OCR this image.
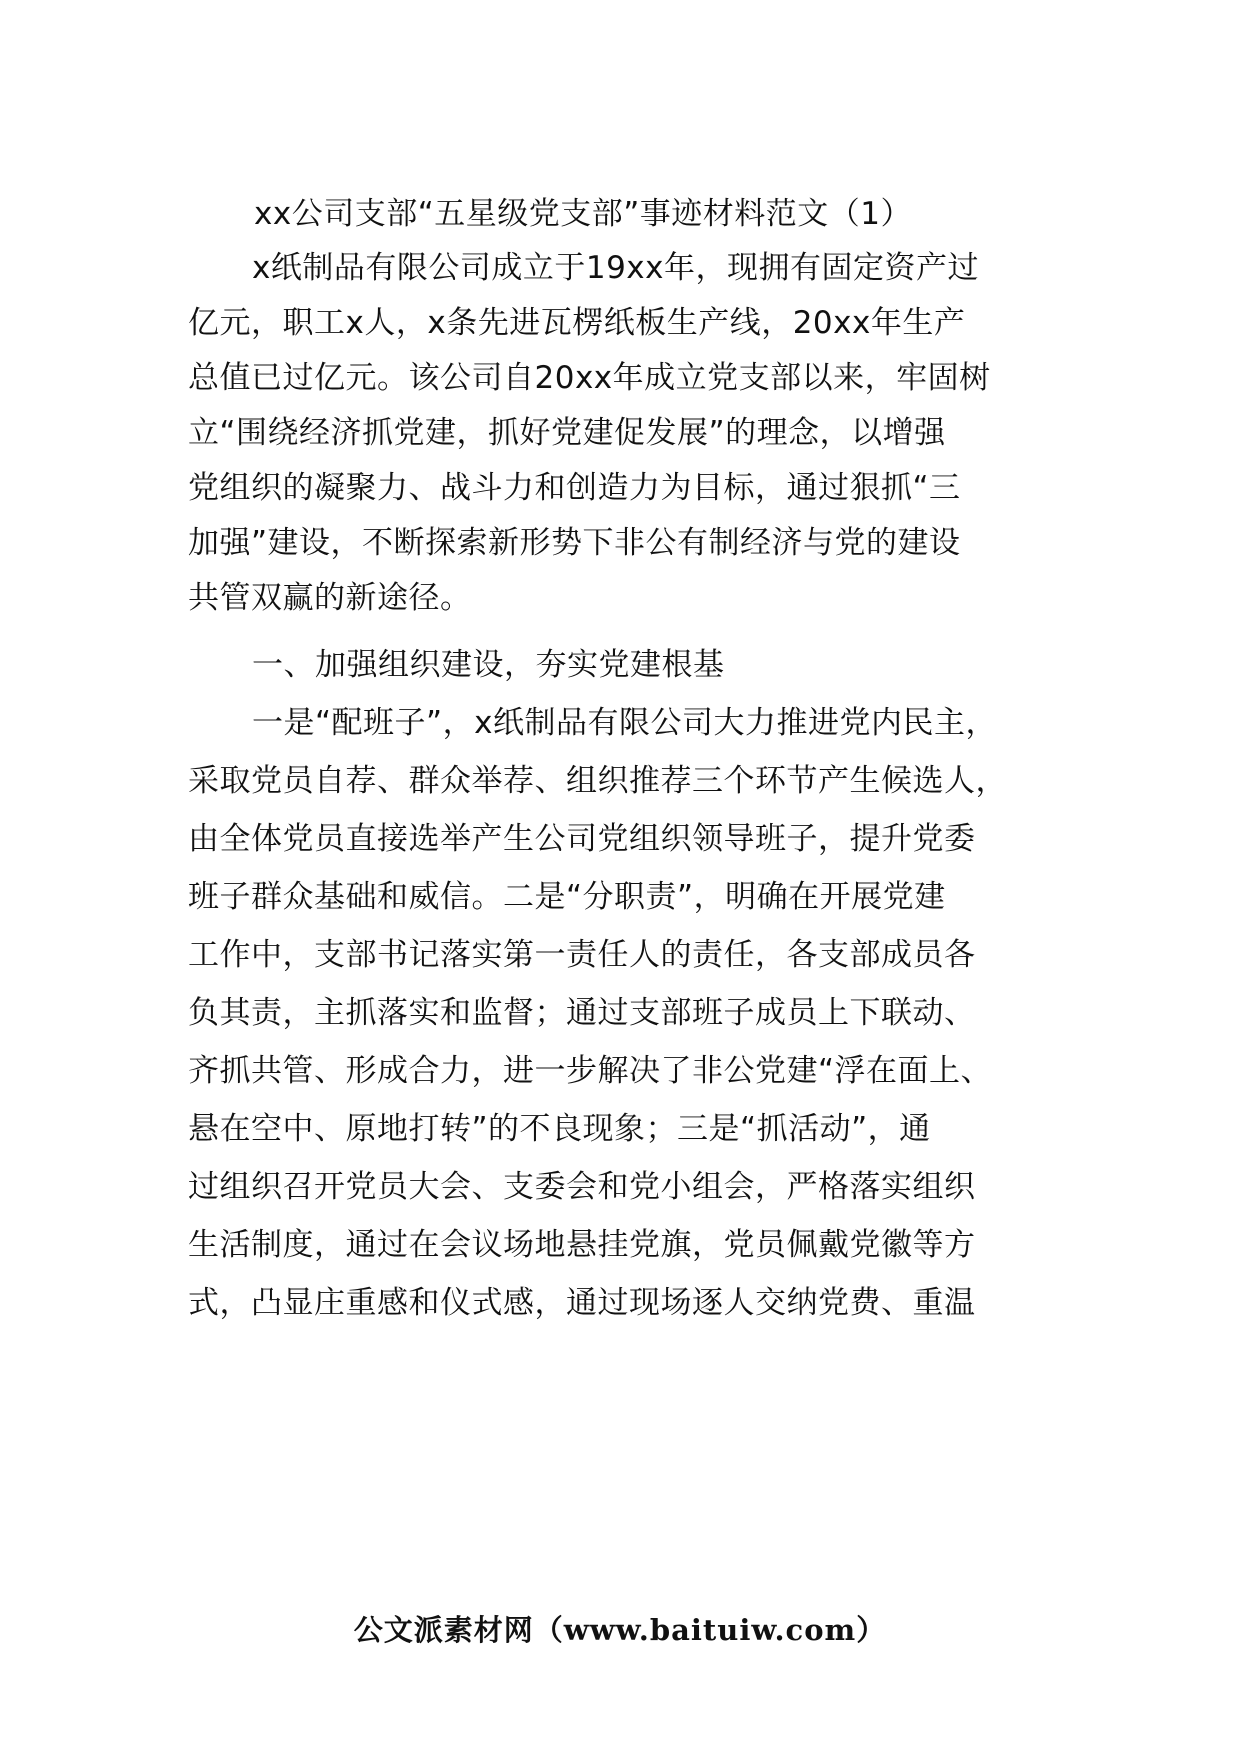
xx公司支部“五星级党支部”事迹材料范文（1）
x纸制品有限公司成立于19xx年，现拥有固定资产过
亿元，职工x人，x条先进瓦楞纸板生产线，20xx年生产
总值已过亿元。该公司自20xx年成立党支部以来，牢固树
立“围绕经济抓党建，抓好党建促发展”的理念，以增强
党组织的凝聚力、战斗力和创造力为目标，通过狠抓“三
加强”建设，不断探索新形势下非公有制经济与党的建设
共管双赢的新途径。
一、加强组织建设，夯实党建根基
一是“配班子”，x纸制品有限公司大力推进党内民主，
采取党员自荐、群众举荐、组织推荐三个环节产生候选人，
由全体党员直接选举产生公司党组织领导班子，提升党委
班子群众基础和威信。二是“分职责”，明确在开展党建
工作中，支部书记落实第一责任人的责任，各支部成员各
负其责，主抓落实和监督；通过支部班子成员上下联动、
齐抓共管、形成合力，进一步解决了非公党建“浮在面上、
悬在空中、原地打转”的不良现象；三是“抓活动”，通
过组织召开党员大会、支委会和党小组会，严格落实组织
生活制度，通过在会议场地悬挂党旗，党员佩戴党徽等方
式，凸显庄重感和仪式感，通过现场逐人交纳党费、重温
公文派素材网（www.baituiw.com）
